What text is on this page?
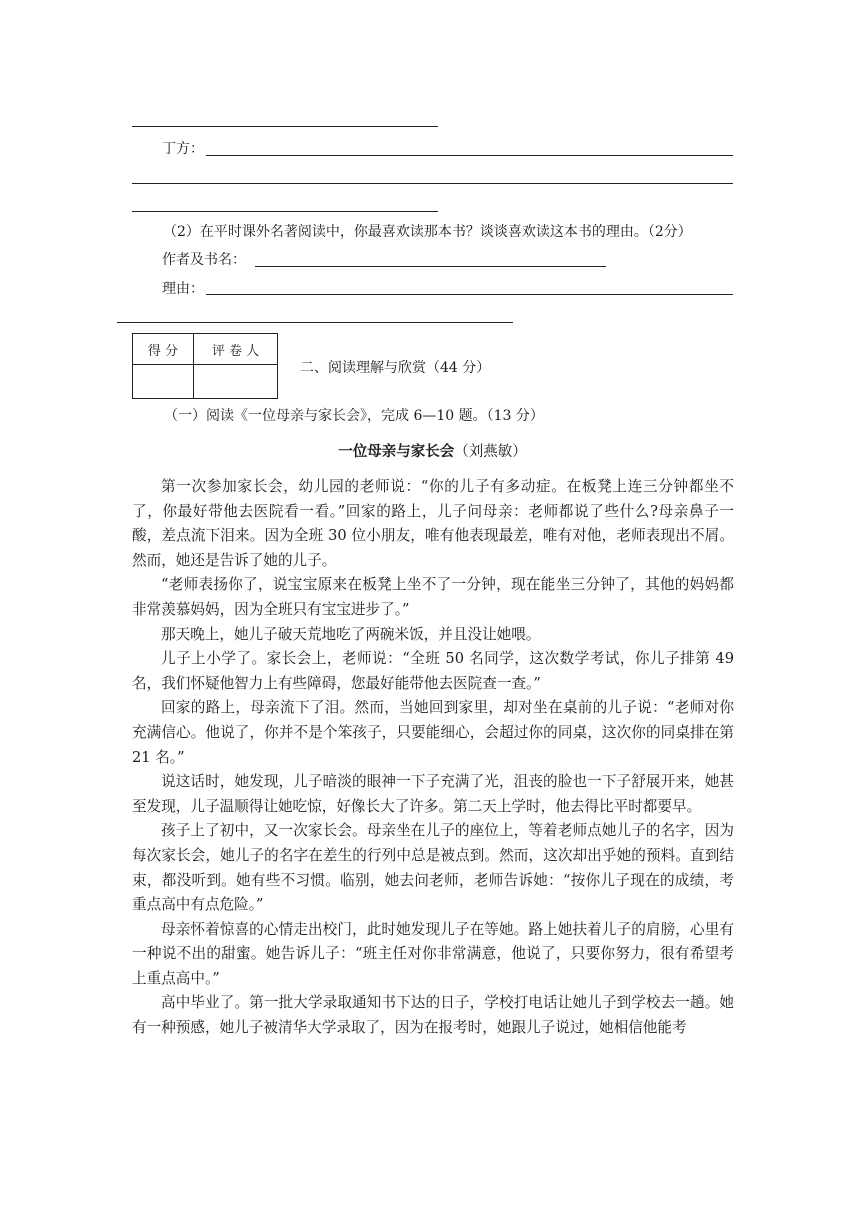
丁方：
（2）在平时课外名著阅读中，你最喜欢读那本书？谈谈喜欢读这本书的理由。（2分）
作者及书名：
理由：
得 分	评 卷 人

二、阅读理解与欣赏（44 分）
（一）阅读《一位母亲与家长会》，完成 6—10 题。（13 分）
一位母亲与家长会（刘燕敏）

第一次参加家长会，幼儿园的老师说：“你的儿子有多动症。在板凳上连三分钟都坐不了，你最好带他去医院看一看。”回家的路上，儿子问母亲：老师都说了些什么?母亲鼻子一酸，差点流下泪来。因为全班 30 位小朋友，唯有他表现最差，唯有对他，老师表现出不屑。然而，她还是告诉了她的儿子。

“老师表扬你了，说宝宝原来在板凳上坐不了一分钟，现在能坐三分钟了，其他的妈妈都非常羡慕妈妈，因为全班只有宝宝进步了。”

那天晚上，她儿子破天荒地吃了两碗米饭，并且没让她喂。

儿子上小学了。家长会上，老师说：“全班 50 名同学，这次数学考试，你儿子排第 49 名，我们怀疑他智力上有些障碍，您最好能带他去医院查一查。”

回家的路上，母亲流下了泪。然而，当她回到家里，却对坐在桌前的儿子说：“老师对你充满信心。他说了，你并不是个笨孩子，只要能细心，会超过你的同桌，这次你的同桌排在第 21 名。”

说这话时，她发现，儿子暗淡的眼神一下子充满了光，沮丧的脸也一下子舒展开来，她甚至发现，儿子温顺得让她吃惊，好像长大了许多。第二天上学时，他去得比平时都要早。

孩子上了初中，又一次家长会。母亲坐在儿子的座位上，等着老师点她儿子的名字，因为每次家长会，她儿子的名字在差生的行列中总是被点到。然而，这次却出乎她的预料。直到结束，都没听到。她有些不习惯。临别，她去问老师，老师告诉她：“按你儿子现在的成绩，考重点高中有点危险。”

母亲怀着惊喜的心情走出校门，此时她发现儿子在等她。路上她扶着儿子的肩膀，心里有一种说不出的甜蜜。她告诉儿子：“班主任对你非常满意，他说了，只要你努力，很有希望考上重点高中。”

高中毕业了。第一批大学录取通知书下达的日子，学校打电话让她儿子到学校去一趟。她有一种预感，她儿子被清华大学录取了，因为在报考时，她跟儿子说过，她相信他能考
